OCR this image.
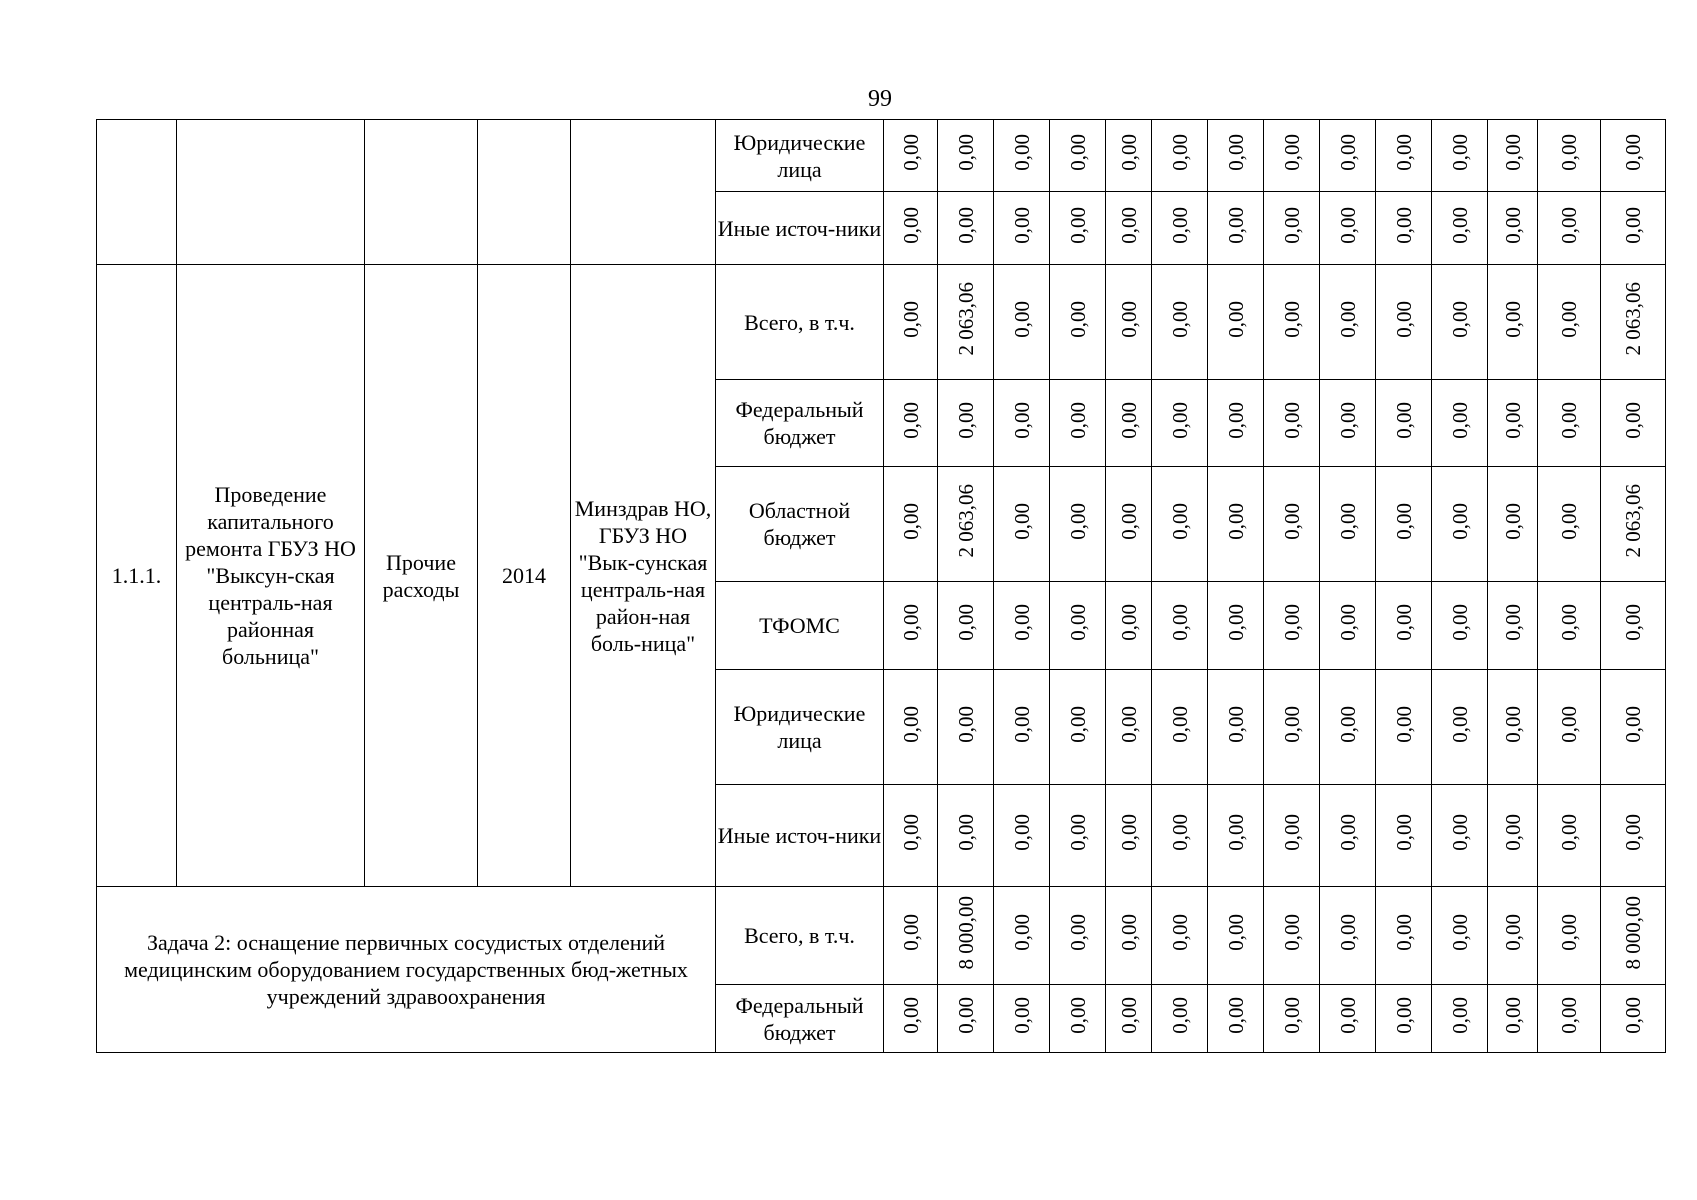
99
					Юридические лица	0,00	0,00	0,00	0,00	0,00	0,00	0,00	0,00	0,00	0,00	0,00	0,00	0,00	0,00
					Иные источ-ники	0,00	0,00	0,00	0,00	0,00	0,00	0,00	0,00	0,00	0,00	0,00	0,00	0,00	0,00
1.1.1.	Проведение капитального ремонта ГБУЗ НО "Выксун-ская централь-ная районная больница"	Прочие расходы	2014	Минздрав НО, ГБУЗ НО "Вык-сунская централь-ная район-ная боль-ница"	Всего, в т.ч.	0,00	2 063,06	0,00	0,00	0,00	0,00	0,00	0,00	0,00	0,00	0,00	0,00	0,00	2 063,06
					Федеральный бюджет	0,00	0,00	0,00	0,00	0,00	0,00	0,00	0,00	0,00	0,00	0,00	0,00	0,00	0,00
					Областной бюджет	0,00	2 063,06	0,00	0,00	0,00	0,00	0,00	0,00	0,00	0,00	0,00	0,00	0,00	2 063,06
					ТФОМС	0,00	0,00	0,00	0,00	0,00	0,00	0,00	0,00	0,00	0,00	0,00	0,00	0,00	0,00
					Юридические лица	0,00	0,00	0,00	0,00	0,00	0,00	0,00	0,00	0,00	0,00	0,00	0,00	0,00	0,00
					Иные источ-ники	0,00	0,00	0,00	0,00	0,00	0,00	0,00	0,00	0,00	0,00	0,00	0,00	0,00	0,00
Задача 2: оснащение первичных сосудистых отделений медицинским оборудованием государственных бюд-жетных учреждений здравоохранения					Всего, в т.ч.	0,00	8 000,00	0,00	0,00	0,00	0,00	0,00	0,00	0,00	0,00	0,00	0,00	0,00	8 000,00
					Федеральный бюджет	0,00	0,00	0,00	0,00	0,00	0,00	0,00	0,00	0,00	0,00	0,00	0,00	0,00	0,00
